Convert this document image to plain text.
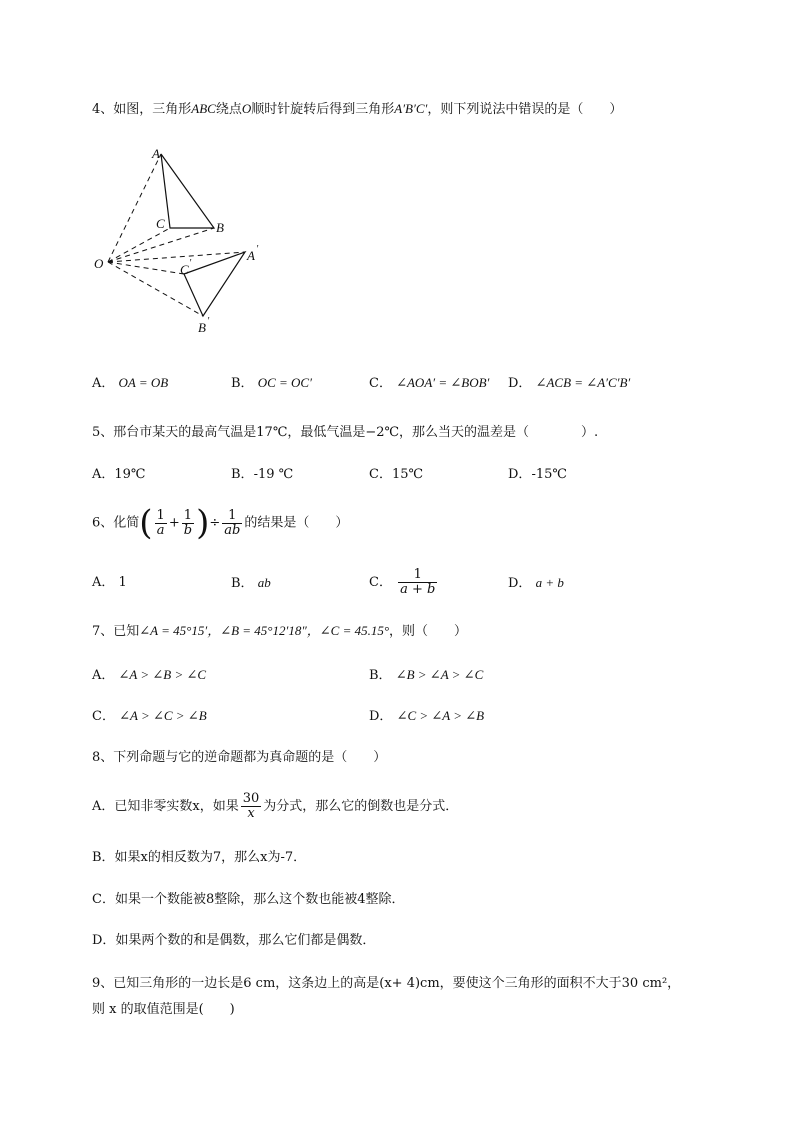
4、如图，三角形ABC绕点O顺时针旋转后得到三角形A′B′C′，则下列说法中错误的是（　　）
A
C	B
O
A ′
C ′
B ′
A． OA = OB	B． OC = OC′	C． ∠AOA′ = ∠BOB′ D． ∠ACB = ∠A′C′B′
5、邢台市某天的最高气温是17℃，最低气温是−2℃，那么当天的温差是（　　　　）.
A．19℃	B．-19 ℃	C．15℃	D．-15℃
6、化简( $\frac{1}{a} + \frac{1}{b}$ )÷ $\frac{1}{ab}$ 的结果是（　　）
A． 1	B． ab	C． $\frac{1}{a + b}$	D． a + b
7、已知∠A = 45°15′，∠B = 45°12′18″，∠C = 45.15°，则（　　）
A． ∠A > ∠B > ∠C	B． ∠B > ∠A > ∠C
C． ∠A > ∠C > ∠B	D． ∠C > ∠A > ∠B
8、下列命题与它的逆命题都为真命题的是（　　）
A．已知非零实数x，如果 $\frac{30}{x}$ 为分式，那么它的倒数也是分式．
B．如果x的相反数为7，那么x为-7．
C．如果一个数能被8整除，那么这个数也能被4整除．
D．如果两个数的和是偶数，那么它们都是偶数．
9、已知三角形的一边长是6 cm，这条边上的高是(x+ 4)cm，要使这个三角形的面积不大于30 cm²，
则 x 的取值范围是(　　)
